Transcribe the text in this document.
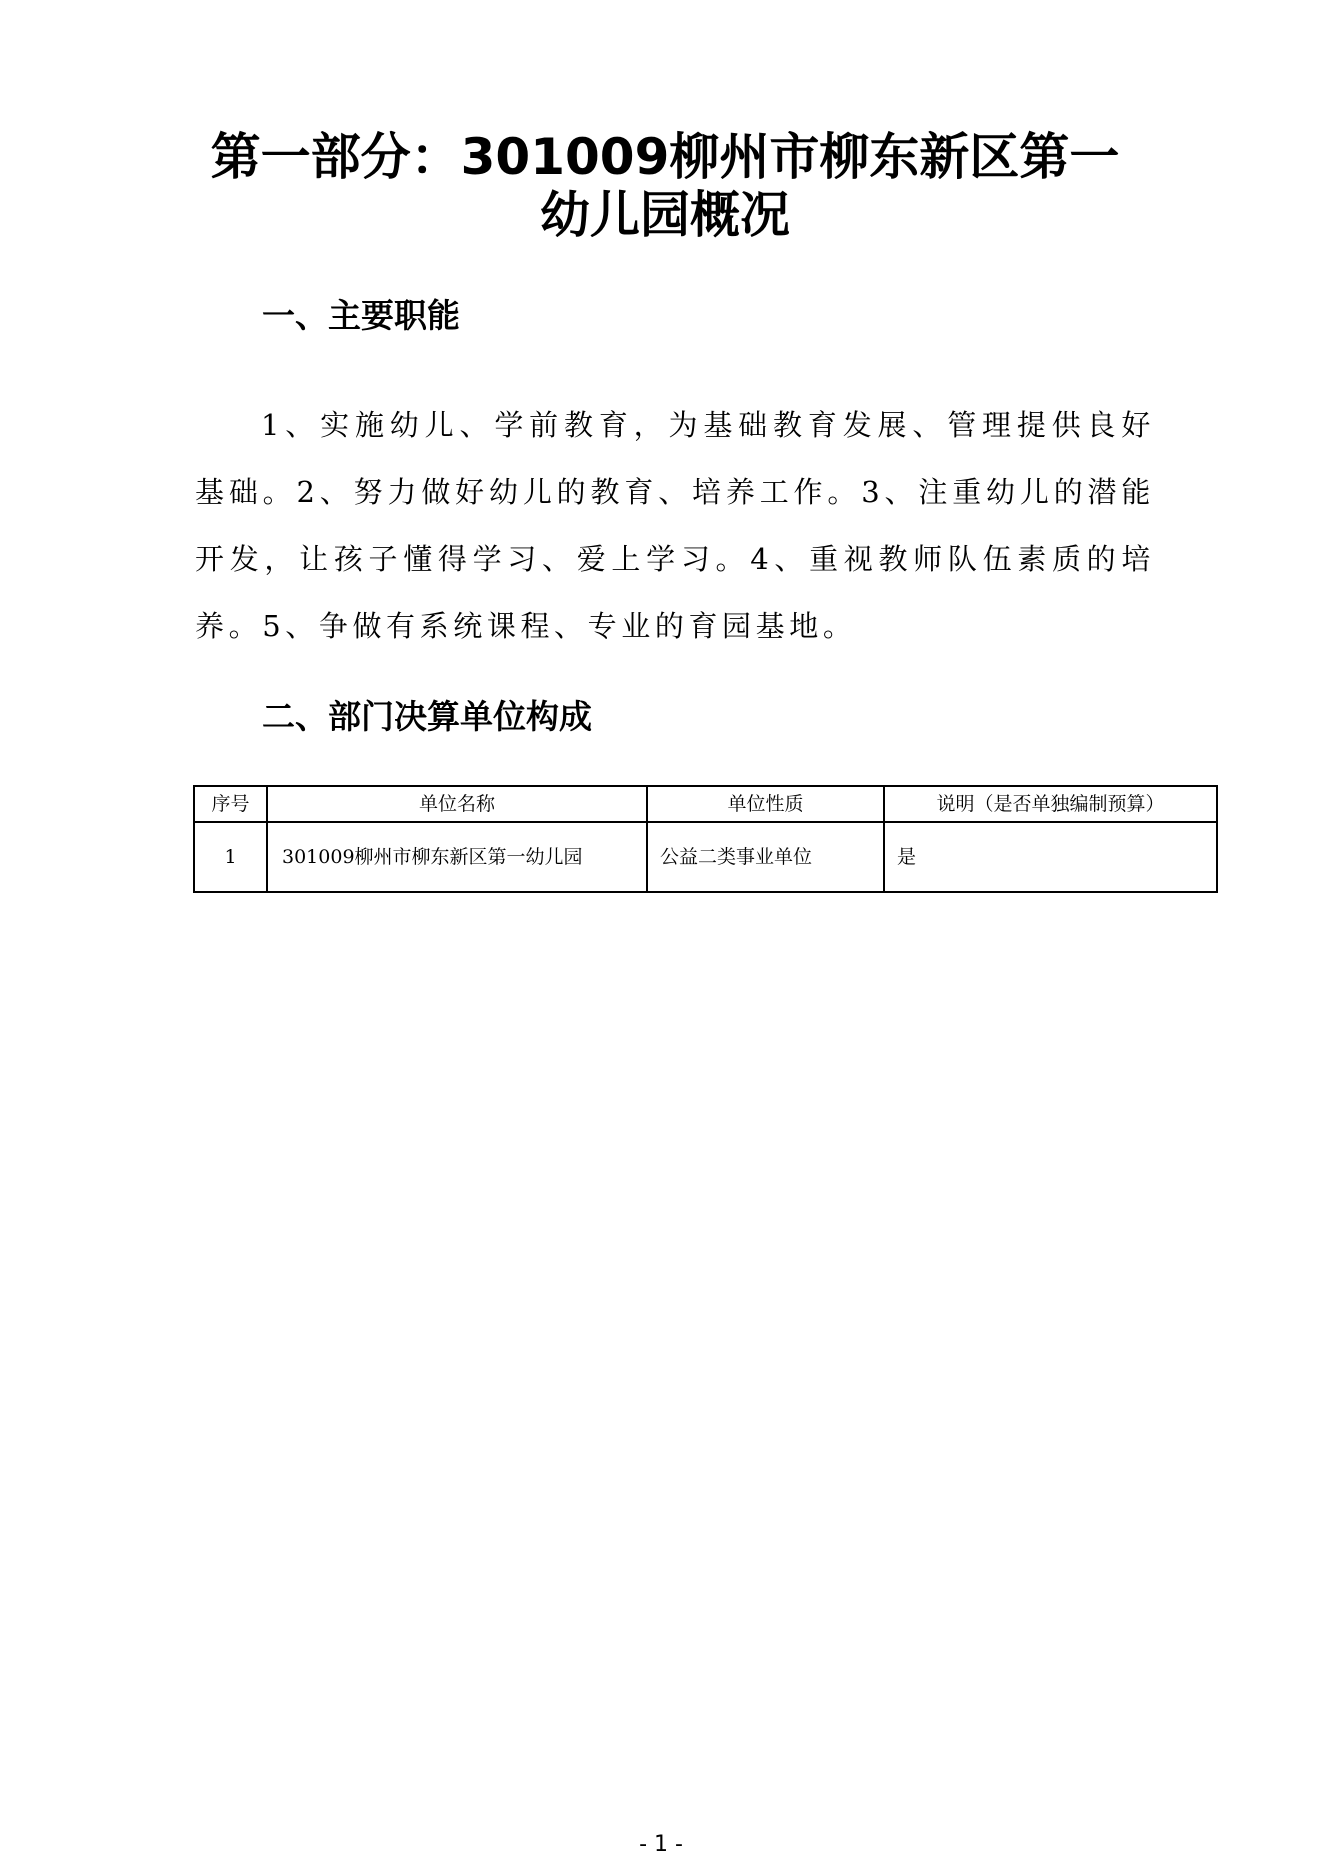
第一部分：301009柳州市柳东新区第一幼儿园概况
一、主要职能

1、实施幼儿、学前教育，为基础教育发展、管理提供良好基础。2、努力做好幼儿的教育、培养工作。3、注重幼儿的潜能开发，让孩子懂得学习、爱上学习。4、重视教师队伍素质的培养。5、争做有系统课程、专业的育园基地。

二、部门决算单位构成
序号	单位名称	单位性质	说明（是否单独编制预算）
1	301009柳州市柳东新区第一幼儿园	公益二类事业单位	是
- 1 -
